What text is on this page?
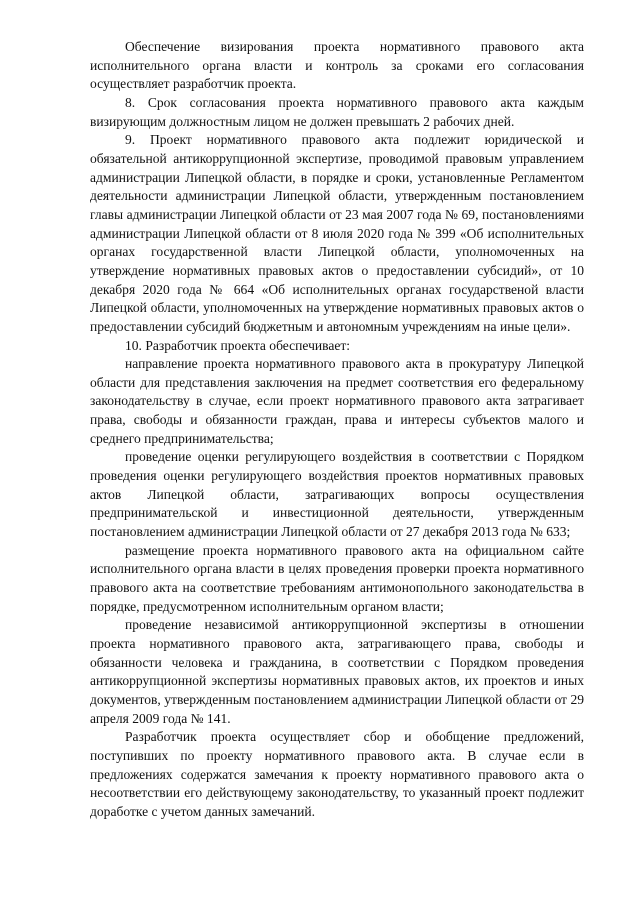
Обеспечение визирования проекта нормативного правового акта исполнительного органа власти и контроль за сроками его согласования осуществляет разработчик проекта.

8. Срок согласования проекта нормативного правового акта каждым визирующим должностным лицом не должен превышать 2 рабочих дней.

9. Проект нормативного правового акта подлежит юридической и обязательной антикоррупционной экспертизе, проводимой правовым управлением администрации Липецкой области, в порядке и сроки, установленные Регламентом деятельности администрации Липецкой области, утвержденным постановлением главы администрации Липецкой области от 23 мая 2007 года № 69, постановлениями администрации Липецкой области от 8 июля 2020 года № 399 «Об исполнительных органах государственной власти Липецкой области, уполномоченных на утверждение нормативных правовых актов о предоставлении субсидий», от 10 декабря 2020 года № 664 «Об исполнительных органах государственой власти Липецкой области, уполномоченных на утверждение нормативных правовых актов о предоставлении субсидий бюджетным и автономным учреждениям на иные цели».

10. Разработчик проекта обеспечивает:

направление проекта нормативного правового акта в прокуратуру Липецкой области для представления заключения на предмет соответствия его федеральному законодательству в случае, если проект нормативного правового акта затрагивает права, свободы и обязанности граждан, права и интересы субъектов малого и среднего предпринимательства;

проведение оценки регулирующего воздействия в соответствии с Порядком проведения оценки регулирующего воздействия проектов нормативных правовых актов Липецкой области, затрагивающих вопросы осуществления предпринимательской и инвестиционной деятельности, утвержденным постановлением администрации Липецкой области от 27 декабря 2013 года № 633;

размещение проекта нормативного правового акта на официальном сайте исполнительного органа власти в целях проведения проверки проекта нормативного правового акта на соответствие требованиям антимонопольного законодательства в порядке, предусмотренном исполнительным органом власти;

проведение независимой антикоррупционной экспертизы в отношении проекта нормативного правового акта, затрагивающего права, свободы и обязанности человека и гражданина, в соответствии с Порядком проведения антикоррупционной экспертизы нормативных правовых актов, их проектов и иных документов, утвержденным постановлением администрации Липецкой области от 29 апреля 2009 года № 141.

Разработчик проекта осуществляет сбор и обобщение предложений, поступивших по проекту нормативного правового акта. В случае если в предложениях содержатся замечания к проекту нормативного правового акта о несоответствии его действующему законодательству, то указанный проект подлежит доработке с учетом данных замечаний.
